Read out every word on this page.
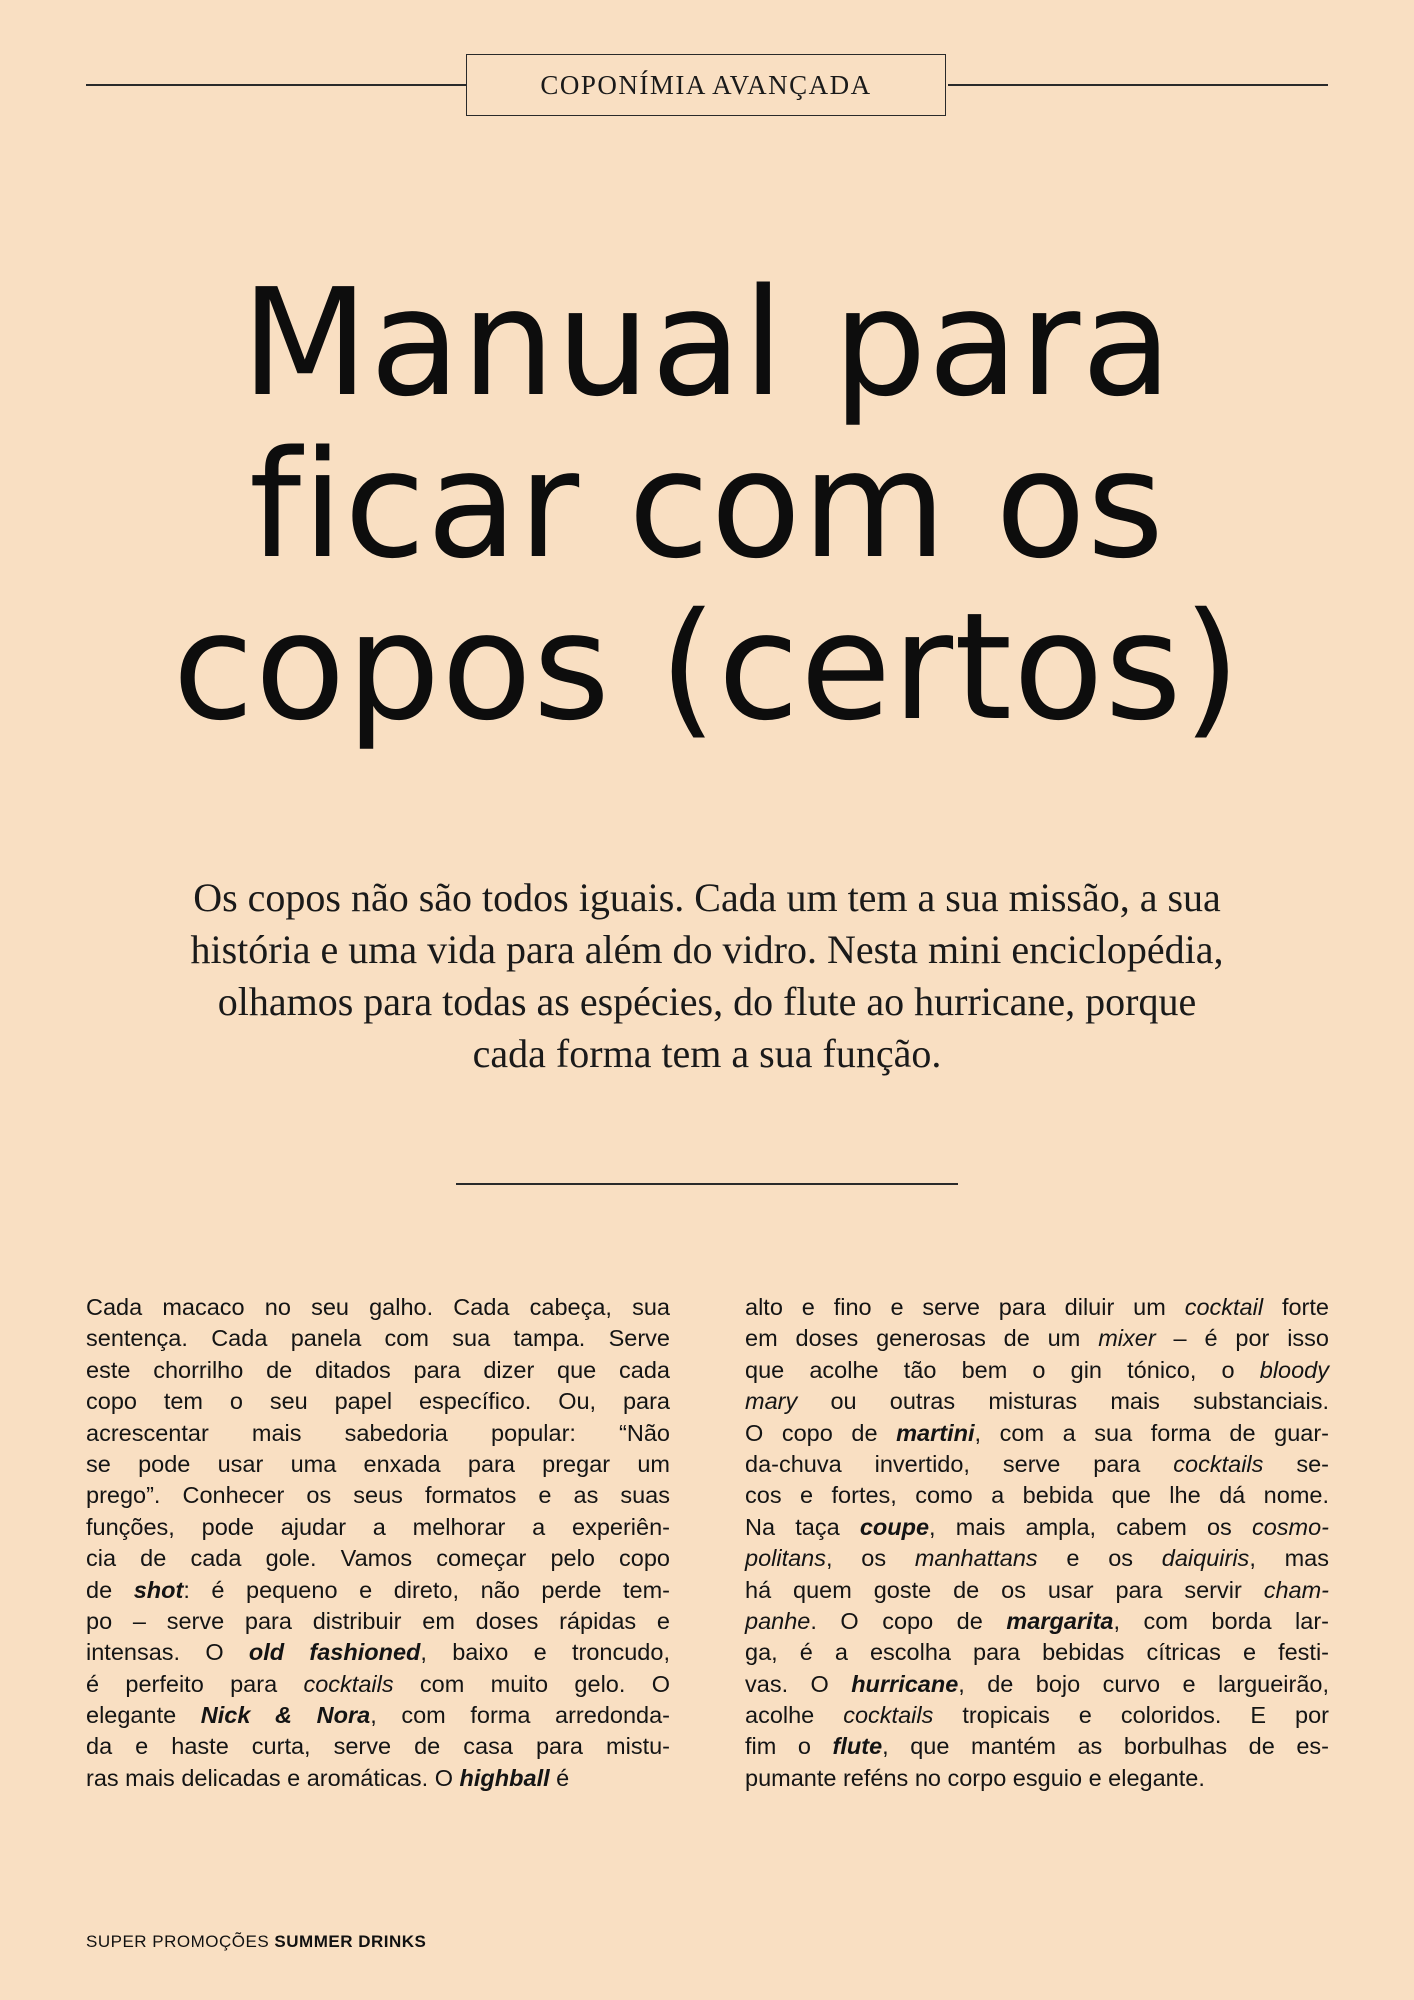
COPONÍMIA AVANÇADA
Manual para
ficar com os
copos (certos)

Os copos não são todos iguais. Cada um tem a sua missão, a sua
história e uma vida para além do vidro. Nesta mini enciclopédia,
olhamos para todas as espécies, do flute ao hurricane, porque
cada forma tem a sua função.

Cada macaco no seu galho. Cada cabeça, sua
sentença. Cada panela com sua tampa. Serve
este chorrilho de ditados para dizer que cada
copo tem o seu papel específico. Ou, para
acrescentar mais sabedoria popular: “Não
se pode usar uma enxada para pregar um
prego”. Conhecer os seus formatos e as suas
funções, pode ajudar a melhorar a experiên-
cia de cada gole. Vamos começar pelo copo
de shot: é pequeno e direto, não perde tem-
po – serve para distribuir em doses rápidas e
intensas. O old fashioned, baixo e troncudo,
é perfeito para cocktails com muito gelo. O
elegante Nick & Nora, com forma arredonda-
da e haste curta, serve de casa para mistu-
ras mais delicadas e aromáticas. O highball é
alto e fino e serve para diluir um cocktail forte
em doses generosas de um mixer – é por isso
que acolhe tão bem o gin tónico, o bloody
mary ou outras misturas mais substanciais.
O copo de martini, com a sua forma de guar-
da-chuva invertido, serve para cocktails se-
cos e fortes, como a bebida que lhe dá nome.
Na taça coupe, mais ampla, cabem os cosmo-
politans, os manhattans e os daiquiris, mas
há quem goste de os usar para servir cham-
panhe. O copo de margarita, com borda lar-
ga, é a escolha para bebidas cítricas e festi-
vas. O hurricane, de bojo curvo e largueirão,
acolhe cocktails tropicais e coloridos. E por
fim o flute, que mantém as borbulhas de es-
pumante reféns no corpo esguio e elegante.
SUPER PROMOÇÕES SUMMER DRINKS
